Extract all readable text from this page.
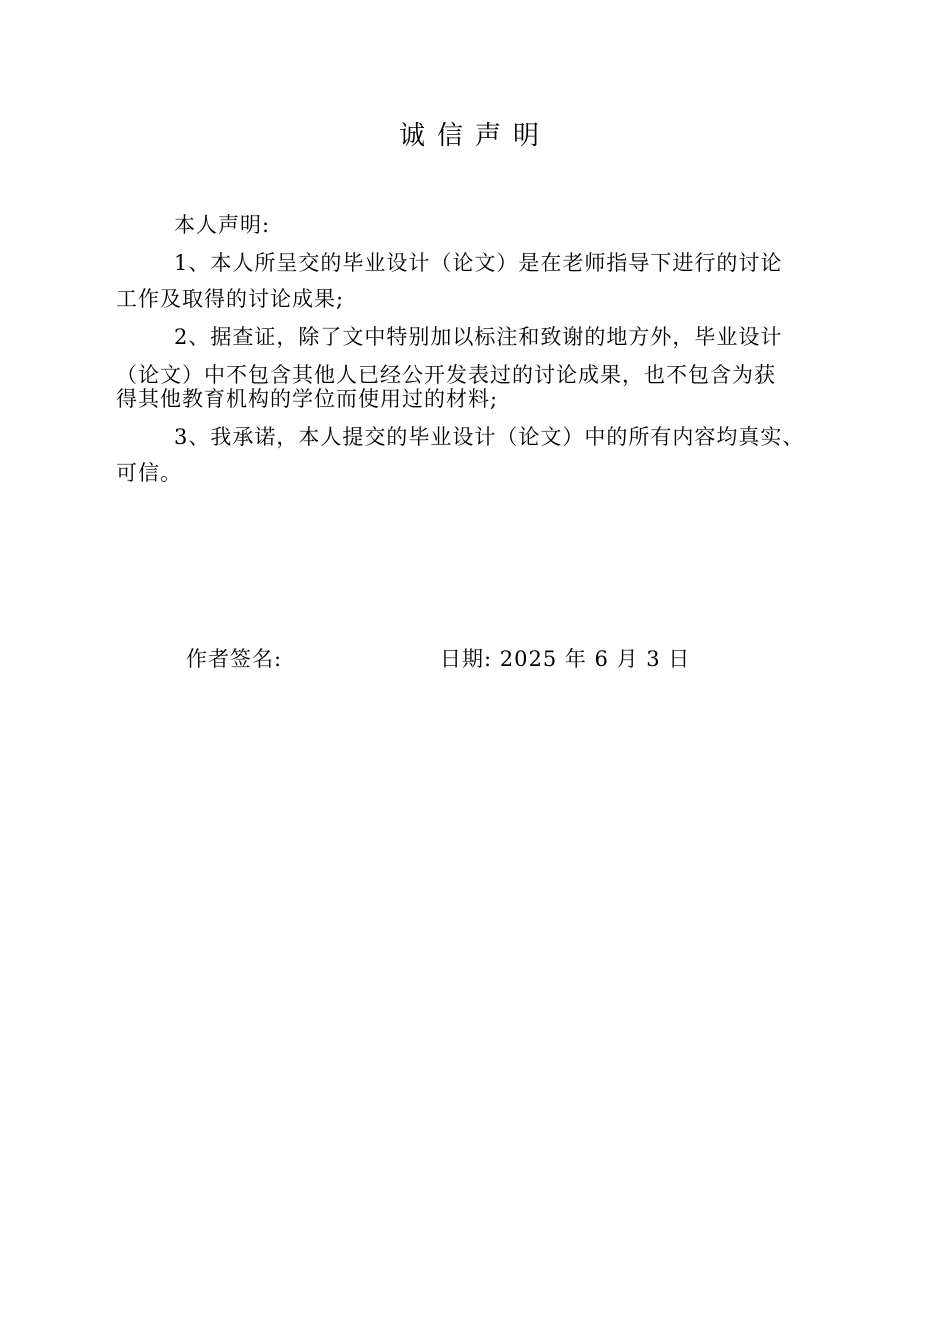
诚信声明
本人声明:
1、本人所呈交的毕业设计（论文）是在老师指导下进行的讨论
工作及取得的讨论成果;
2、据查证，除了文中特别加以标注和致谢的地方外，毕业设计
（论文）中不包含其他人已经公开发表过的讨论成果，也不包含为获
得其他教育机构的学位而使用过的材料;
3、我承诺，本人提交的毕业设计（论文）中的所有内容均真实、
可信。
作者签名:	日期: 2025 年 6 月 3 日
